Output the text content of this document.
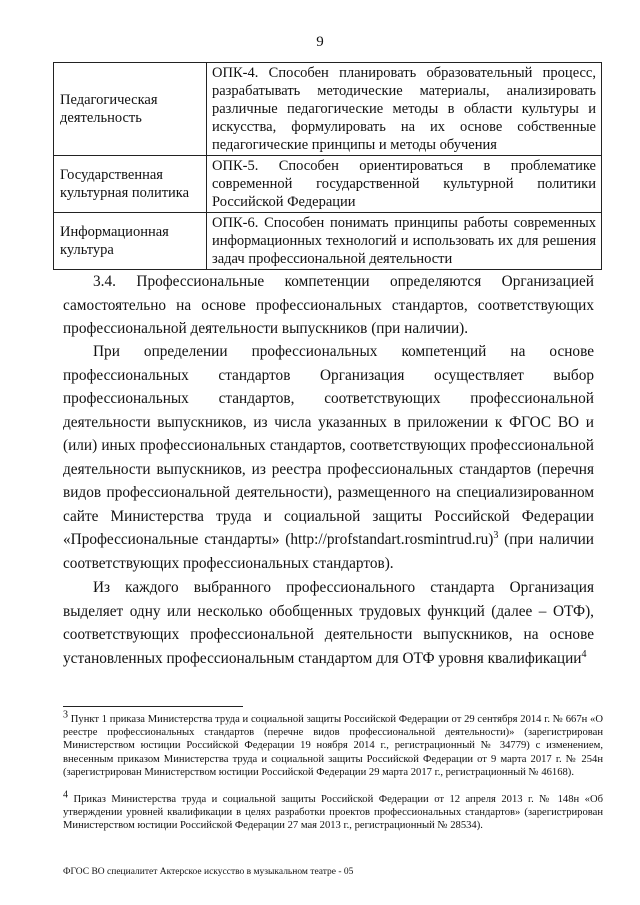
9
Педагогическая деятельность	ОПК-4. Способен планировать образовательный процесс, разрабатывать методические материалы, анализировать различные педагогические методы в области культуры и искусства, формулировать на их основе собственные педагогические принципы и методы обучения
Государственная культурная политика	ОПК-5. Способен ориентироваться в проблематике современной государственной культурной политики Российской Федерации
Информационная культура	ОПК-6. Способен понимать принципы работы современных информационных технологий и использовать их для решения задач профессиональной деятельности

3.4. Профессиональные компетенции определяются Организацией самостоятельно на основе профессиональных стандартов, соответствующих профессиональной деятельности выпускников (при наличии).

При определении профессиональных компетенций на основе профессиональных стандартов Организация осуществляет выбор профессиональных стандартов, соответствующих профессиональной деятельности выпускников, из числа указанных в приложении к ФГОС ВО и (или) иных профессиональных стандартов, соответствующих профессиональной деятельности выпускников, из реестра профессиональных стандартов (перечня видов профессиональной деятельности), размещенного на специализированном сайте Министерства труда и социальной защиты Российской Федерации «Профессиональные стандарты» (http://profstandart.rosmintrud.ru)$^3$ (при наличии соответствующих профессиональных стандартов).

Из каждого выбранного профессионального стандарта Организация выделяет одну или несколько обобщенных трудовых функций (далее – ОТФ), соответствующих профессиональной деятельности выпускников, на основе установленных профессиональным стандартом для ОТФ уровня квалификации$^4$

3 Пункт 1 приказа Министерства труда и социальной защиты Российской Федерации от 29 сентября 2014 г. № 667н «О реестре профессиональных стандартов (перечне видов профессиональной деятельности)» (зарегистрирован Министерством юстиции Российской Федерации 19 ноября 2014 г., регистрационный № 34779) с изменением, внесенным приказом Министерства труда и социальной защиты Российской Федерации от 9 марта 2017 г. № 254н (зарегистрирован Министерством юстиции Российской Федерации 29 марта 2017 г., регистрационный № 46168).

4 Приказ Министерства труда и социальной защиты Российской Федерации от 12 апреля 2013 г. № 148н «Об утверждении уровней квалификации в целях разработки проектов профессиональных стандартов» (зарегистрирован Министерством юстиции Российской Федерации 27 мая 2013 г., регистрационный № 28534).

ФГОС ВО специалитет Актерское искусство в музыкальном театре - 05
